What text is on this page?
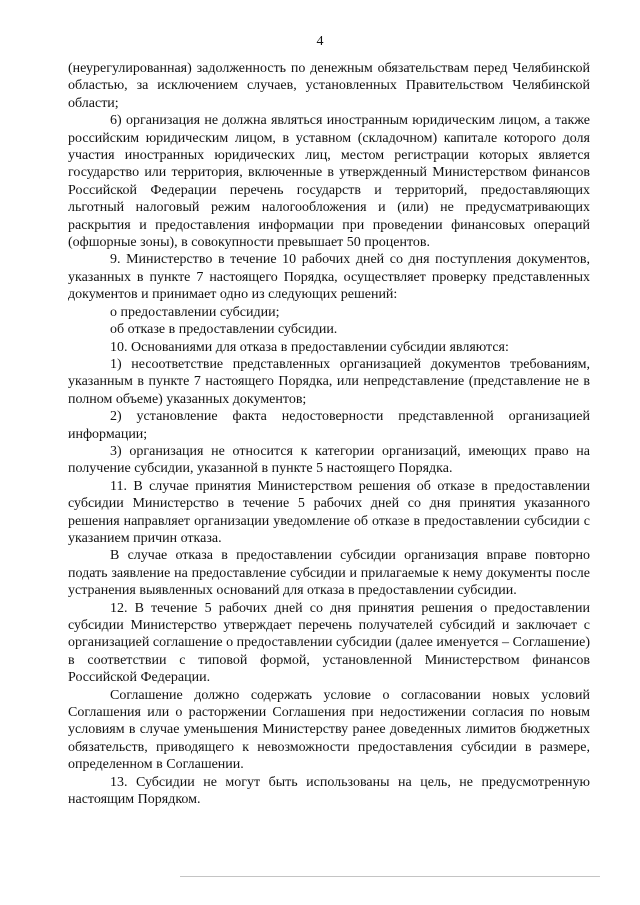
4

(неурегулированная) задолженность по денежным обязательствам перед Челябинской областью, за исключением случаев, установленных Правительством Челябинской области;

6) организация не должна являться иностранным юридическим лицом, а также российским юридическим лицом, в уставном (складочном) капитале которого доля участия иностранных юридических лиц, местом регистрации которых является государство или территория, включенные в утвержденный Министерством финансов Российской Федерации перечень государств и территорий, предоставляющих льготный налоговый режим налогообложения и (или) не предусматривающих раскрытия и предоставления информации при проведении финансовых операций (офшорные зоны), в совокупности превышает 50 процентов.

9. Министерство в течение 10 рабочих дней со дня поступления документов, указанных в пункте 7 настоящего Порядка, осуществляет проверку представленных документов и принимает одно из следующих решений:

о предоставлении субсидии;

об отказе в предоставлении субсидии.

10. Основаниями для отказа в предоставлении субсидии являются:

1) несоответствие представленных организацией документов требованиям, указанным в пункте 7 настоящего Порядка, или непредставление (представление не в полном объеме) указанных документов;

2) установление факта недостоверности представленной организацией информации;

3) организация не относится к категории организаций, имеющих право на получение субсидии, указанной в пункте 5 настоящего Порядка.

11. В случае принятия Министерством решения об отказе в предоставлении субсидии Министерство в течение 5 рабочих дней со дня принятия указанного решения направляет организации уведомление об отказе в предоставлении субсидии с указанием причин отказа.

В случае отказа в предоставлении субсидии организация вправе повторно подать заявление на предоставление субсидии и прилагаемые к нему документы после устранения выявленных оснований для отказа в предоставлении субсидии.

12. В течение 5 рабочих дней со дня принятия решения о предоставлении субсидии Министерство утверждает перечень получателей субсидий и заключает с организацией соглашение о предоставлении субсидии (далее именуется – Соглашение) в соответствии с типовой формой, установленной Министерством финансов Российской Федерации.

Соглашение должно содержать условие о согласовании новых условий Соглашения или о расторжении Соглашения при недостижении согласия по новым условиям в случае уменьшения Министерству ранее доведенных лимитов бюджетных обязательств, приводящего к невозможности предоставления субсидии в размере, определенном в Соглашении.

13. Субсидии не могут быть использованы на цель, не предусмотренную настоящим Порядком.
